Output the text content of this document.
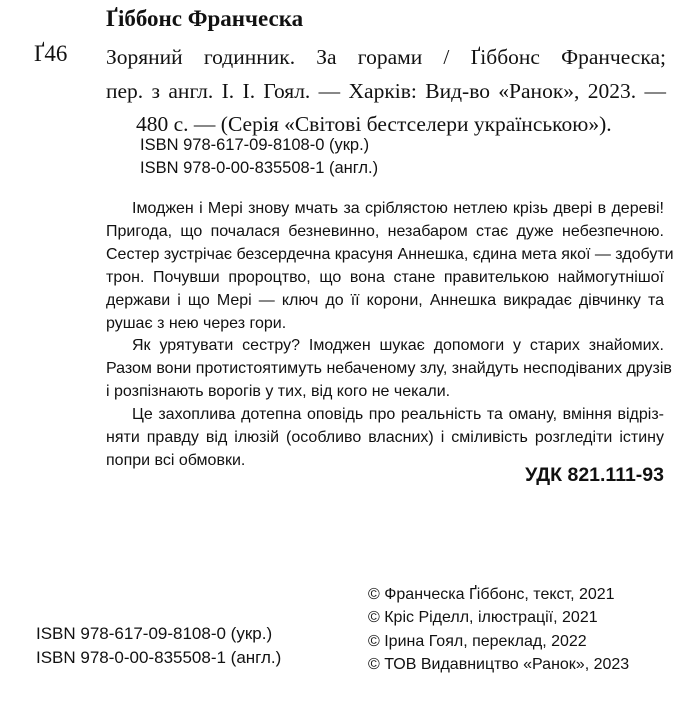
Ґіббонс Франческа
Ґ46 Зоряний годинник. За горами / Ґіббонс Франческа;
пер. з англ. І. І. Гоял. — Харків: Вид-во «Ранок», 2023. —
480 с. — (Серія «Світові бестселери українською»).
ISBN 978-617-09-8108-0 (укр.)
ISBN 978-0-00-835508-1 (англ.)
Імоджен і Мері знову мчать за сріблястою нетлею крізь двері в дереві!
Пригода, що почалася безневинно, незабаром стає дуже небезпечною.
Сестер зустрічає безсердечна красуня Аннешка, єдина мета якої — здобути
трон. Почувши пророцтво, що вона стане правителькою наймогутнішої
держави і що Мері — ключ до її корони, Аннешка викрадає дівчинку та
рушає з нею через гори.
Як урятувати сестру? Імоджен шукає допомоги у старих знайомих.
Разом вони протистоятимуть небаченому злу, знайдуть несподіваних друзів
і розпізнають ворогів у тих, від кого не чекали.
Це захоплива дотепна оповідь про реальність та оману, вміння відріз-
няти правду від ілюзій (особливо власних) і сміливість розгледіти істину
попри всі обмовки.
УДК 821.111-93
ISBN 978-617-09-8108-0 (укр.)
ISBN 978-0-00-835508-1 (англ.)
© Франческа Ґіббонс, текст, 2021
© Кріс Ріделл, ілюстрації, 2021
© Ірина Гоял, переклад, 2022
© ТОВ Видавництво «Ранок», 2023
